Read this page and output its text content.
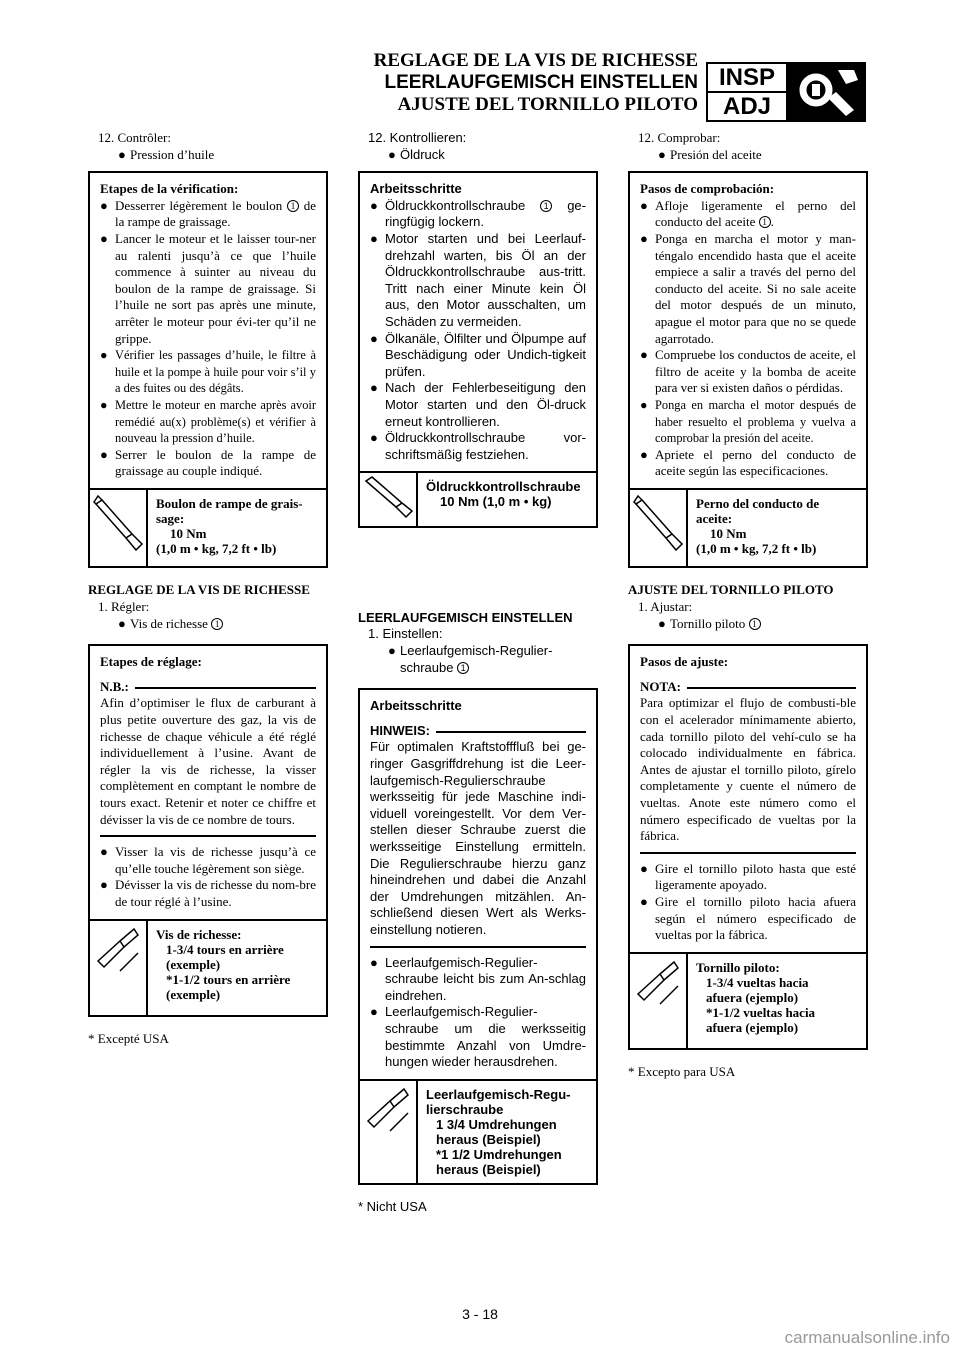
REGLAGE DE LA VIS DE RICHESSE
LEERLAUFGEMISCH EINSTELLEN
AJUSTE DEL TORNILLO PILOTO
INSP
ADJ
12. Contrôler:
● Pression d’huile
Etapes de la vérification:
● Desserrer légèrement le boulon 1 de la rampe de graissage.
● Lancer le moteur et le laisser tour-ner au ralenti jusqu’à ce que l’huile commence à suinter au niveau du boulon de la rampe de graissage. Si l’huile ne sort pas après une minute, arrêter le moteur pour évi-ter qu’il ne grippe.
● Vérifier les passages d’huile, le filtre à huile et la pompe à huile pour voir s’il y a des fuites ou des dégâts.
● Mettre le moteur en marche après avoir remédié au(x) problème(s) et vérifier à nouveau la pression d’huile.
● Serrer le boulon de la rampe de graissage au couple indiqué.
Boulon de rampe de grais-
sage:
10 Nm
(1,0 m • kg, 7,2 ft • lb)
REGLAGE DE LA VIS DE RICHESSE
1. Régler:
● Vis de richesse 1
Etapes de réglage:
N.B.:
Afin d’optimiser le flux de carburant à plus petite ouverture des gaz, la vis de richesse de chaque véhicule a été réglé individuellement à l’usine. Avant de régler la vis de richesse, la visser complètement en comptant le nombre de tours exact. Retenir et noter ce chiffre et dévisser la vis de ce nombre de tours.
● Visser la vis de richesse jusqu’à ce qu’elle touche légèrement son siège.
● Dévisser la vis de richesse du nom-bre de tour réglé à l’usine.
Vis de richesse:
1-3/4 tours en arrière
(exemple)
*1-1/2 tours en arrière
(exemple)
* Excepté USA
12. Kontrollieren:
● Öldruck
Arbeitsschritte
● Öldruckkontrollschraube 1 ge-ringfügig lockern.
● Motor starten und bei Leerlauf-drehzahl warten, bis Öl an der Öldruckkontrollschraube aus-tritt. Tritt nach einer Minute kein Öl aus, den Motor ausschalten, um Schäden zu vermeiden.
● Ölkanäle, Ölfilter und Ölpumpe auf Beschädigung oder Undich-tigkeit prüfen.
● Nach der Fehlerbeseitigung den Motor starten und den Öl-druck erneut kontrollieren.
● Öldruckkontrollschraube vor-schriftsmäßig festziehen.
Öldruckkontrollschraube
10 Nm (1,0 m • kg)
LEERLAUFGEMISCH EINSTELLEN
1. Einstellen:
● Leerlaufgemisch-Regulier-schraube 1
Arbeitsschritte
HINWEIS:
Für optimalen Kraftstofffluß bei ge-ringer Gasgriffdrehung ist die Leer-laufgemisch-Regulierschraube werksseitig für jede Maschine indi-viduell voreingestellt. Vor dem Ver-stellen dieser Schraube zuerst die werksseitige Einstellung ermitteln. Die Regulierschraube hierzu ganz hineindrehen und dabei die Anzahl der Umdrehungen mitzählen. An-schließend diesen Wert als Werks-einstellung notieren.
● Leerlaufgemisch-Regulier-schraube leicht bis zum An-schlag eindrehen.
● Leerlaufgemisch-Regulier-schraube um die werksseitig bestimmte Anzahl von Umdre-hungen wieder herausdrehen.
Leerlaufgemisch-Regu-
lierschraube
1 3/4 Umdrehungen
heraus (Beispiel)
*1 1/2 Umdrehungen
heraus (Beispiel)
* Nicht USA
12. Comprobar:
● Presión del aceite
Pasos de comprobación:
● Afloje ligeramente el perno del conducto del aceite 1 .
● Ponga en marcha el motor y man-téngalo encendido hasta que el aceite empiece a salir a través del perno del conducto del aceite. Si no sale aceite del motor después de un minuto, apague el motor para que no se quede agarrotado.
● Compruebe los conductos de aceite, el filtro de aceite y la bomba de aceite para ver si existen daños o pérdidas.
● Ponga en marcha el motor después de haber resuelto el problema y vuelva a comprobar la presión del aceite.
● Apriete el perno del conducto de aceite según las especificaciones.
Perno del conducto de
aceite:
10 Nm
(1,0 m • kg, 7,2 ft • lb)
AJUSTE DEL TORNILLO PILOTO
1. Ajustar:
● Tornillo piloto 1
Pasos de ajuste:
NOTA:
Para optimizar el flujo de combusti-ble con el acelerador mínimamente abierto, cada tornillo piloto del vehí-culo se ha colocado individualmente en fábrica. Antes de ajustar el tornillo piloto, gírelo completamente y cuente el número de vueltas. Anote este número como el número especificado de vueltas por la fábrica.
● Gire el tornillo piloto hasta que esté ligeramente apoyado.
● Gire el tornillo piloto hacia afuera según el número especificado de vueltas por la fábrica.
Tornillo piloto:
1-3/4 vueltas hacia
afuera (ejemplo)
*1-1/2 vueltas hacia
afuera (ejemplo)
* Excepto para USA
3 - 18
carmanualsonline.info
